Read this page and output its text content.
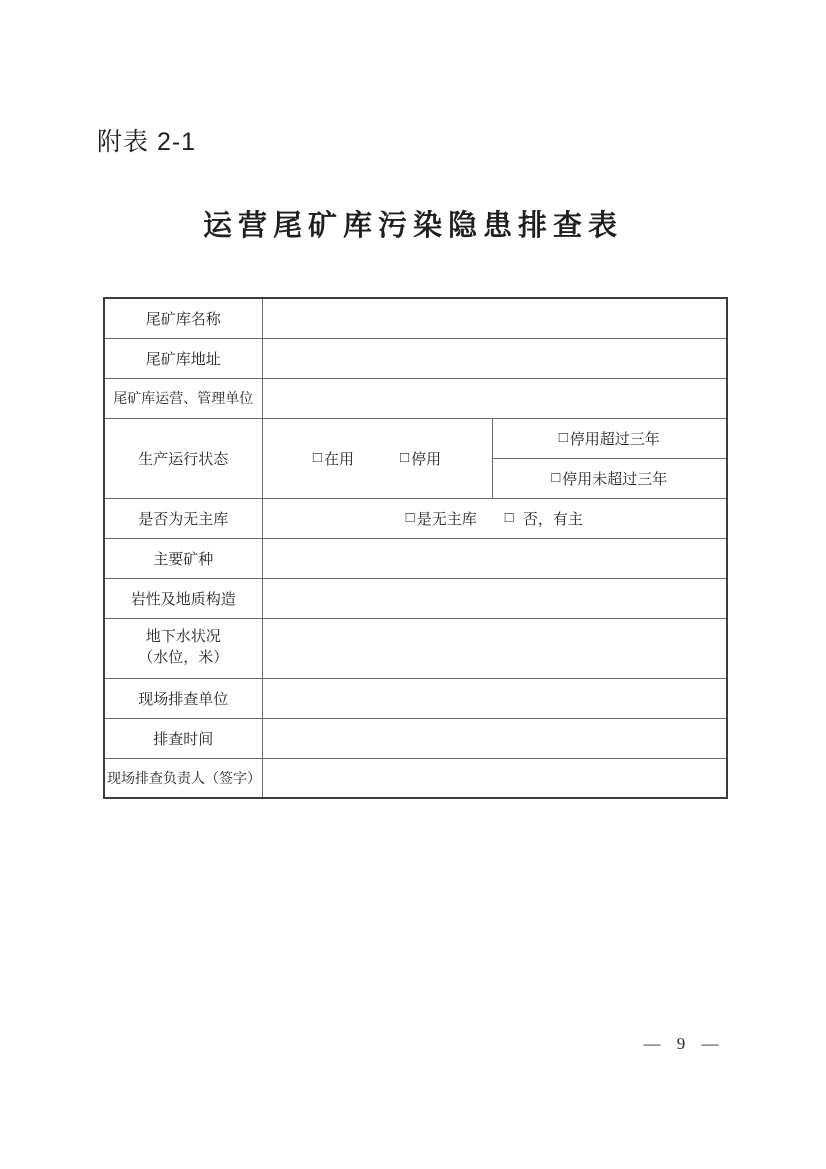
附表 2-1
运营尾矿库污染隐患排查表
尾矿库名称		
尾矿库地址		
尾矿库运营、管理单位		
生产运行状态	□ 在用 □ 停用	□ 停用超过三年

		□ 停用未超过三年

是否为无主库	□ 是无主库 □ 否，有主	

主要矿种		
岩性及地质构造		

地下水状况
（水位，米）		

现场排查单位		
排查时间		
现场排查负责人（签字）		
— 9 —
